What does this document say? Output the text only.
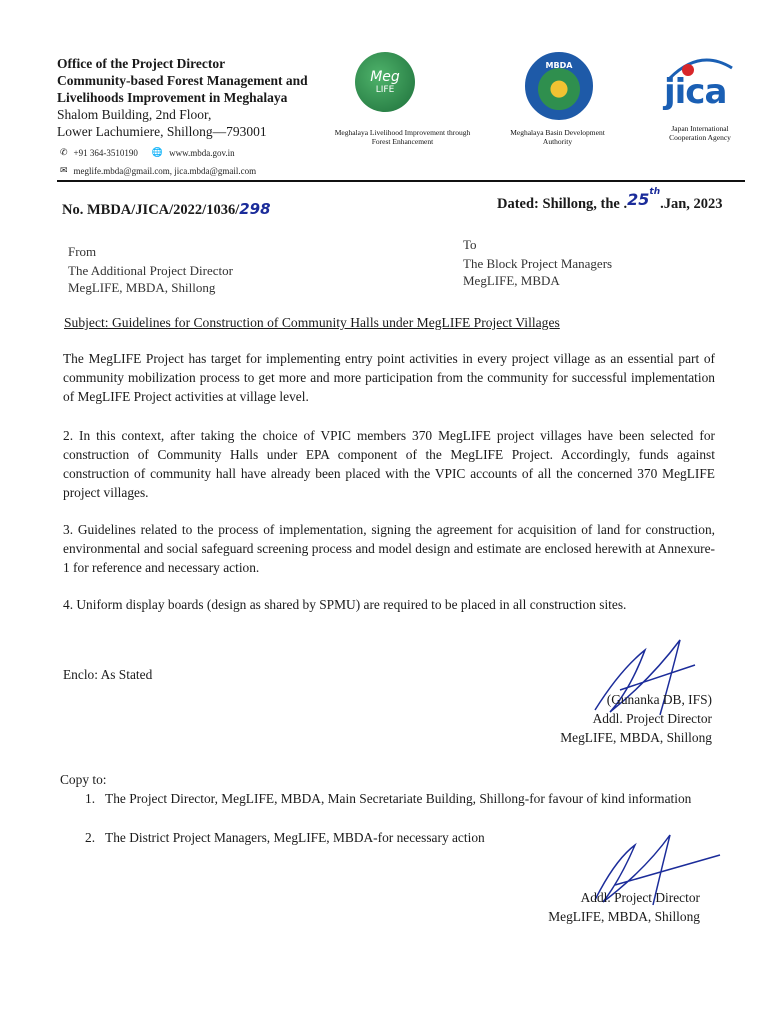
Office of the Project Director
Community-based Forest Management and
Livelihoods Improvement in Meghalaya
Shalom Building, 2nd Floor,
Lower Lachumiere, Shillong—793001
✆ +91 364-3510190 🌐 www.mbda.gov.in
✉ meglife.mbda@gmail.com, jica.mbda@gmail.com
Meg
LIFE
Meghalaya Livelihood Improvement through Forest Enhancement
MBDA
Meghalaya Basin Development Authority
jica
Japan International Cooperation Agency
No. MBDA/JICA/2022/1036/298	Dated: Shillong, the .25th.Jan, 2023
From
The Additional Project Director
MegLIFE, MBDA, Shillong
To
The Block Project Managers
MegLIFE, MBDA
Subject: Guidelines for Construction of Community Halls under MegLIFE Project Villages
The MegLIFE Project has target for implementing entry point activities in every project village as an essential part of community mobilization process to get more and more participation from the community for successful implementation of MegLIFE Project activities at village level.
2. In this context, after taking the choice of VPIC members 370 MegLIFE project villages have been selected for construction of Community Halls under EPA component of the MegLIFE Project. Accordingly, funds against construction of community hall have already been placed with the VPIC accounts of all the concerned 370 MegLIFE project villages.
3. Guidelines related to the process of implementation, signing the agreement for acquisition of land for construction, environmental and social safeguard screening process and model design and estimate are enclosed herewith at Annexure-1 for reference and necessary action.
4. Uniform display boards (design as shared by SPMU) are required to be placed in all construction sites.
Enclo: As Stated
(Gunanka DB, IFS)
Addl. Project Director
MegLIFE, MBDA, Shillong
Copy to:
1. The Project Director, MegLIFE, MBDA, Main Secretariate Building, Shillong-for favour of kind information
2. The District Project Managers, MegLIFE, MBDA-for necessary action
Addl. Project Director
MegLIFE, MBDA, Shillong
